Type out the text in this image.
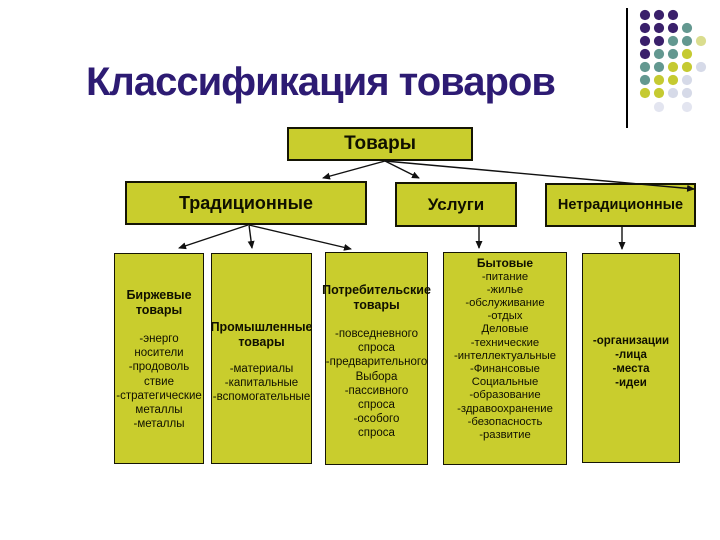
Классификация товаров
Товары
Традиционные	Услуги	Нетрадиционные
Биржевые
товары
-энерго
носители
-продоволь
ствие
-стратегические
металлы
-металлы
Промышленные
товары
-материалы
-капитальные
-вспомогательные
Потребительские
товары
-повседневного
спроса
-предварительного
Выбора
-пассивного
спроса
-особого
спроса
Бытовые
-питание
-жилье
-обслуживание
-отдых
Деловые
-технические
-интеллектуальные
-Финансовые
Социальные
-образование
-здравоохранение
-безопасность
-развитие
-организации
-лица
-места
-идеи
